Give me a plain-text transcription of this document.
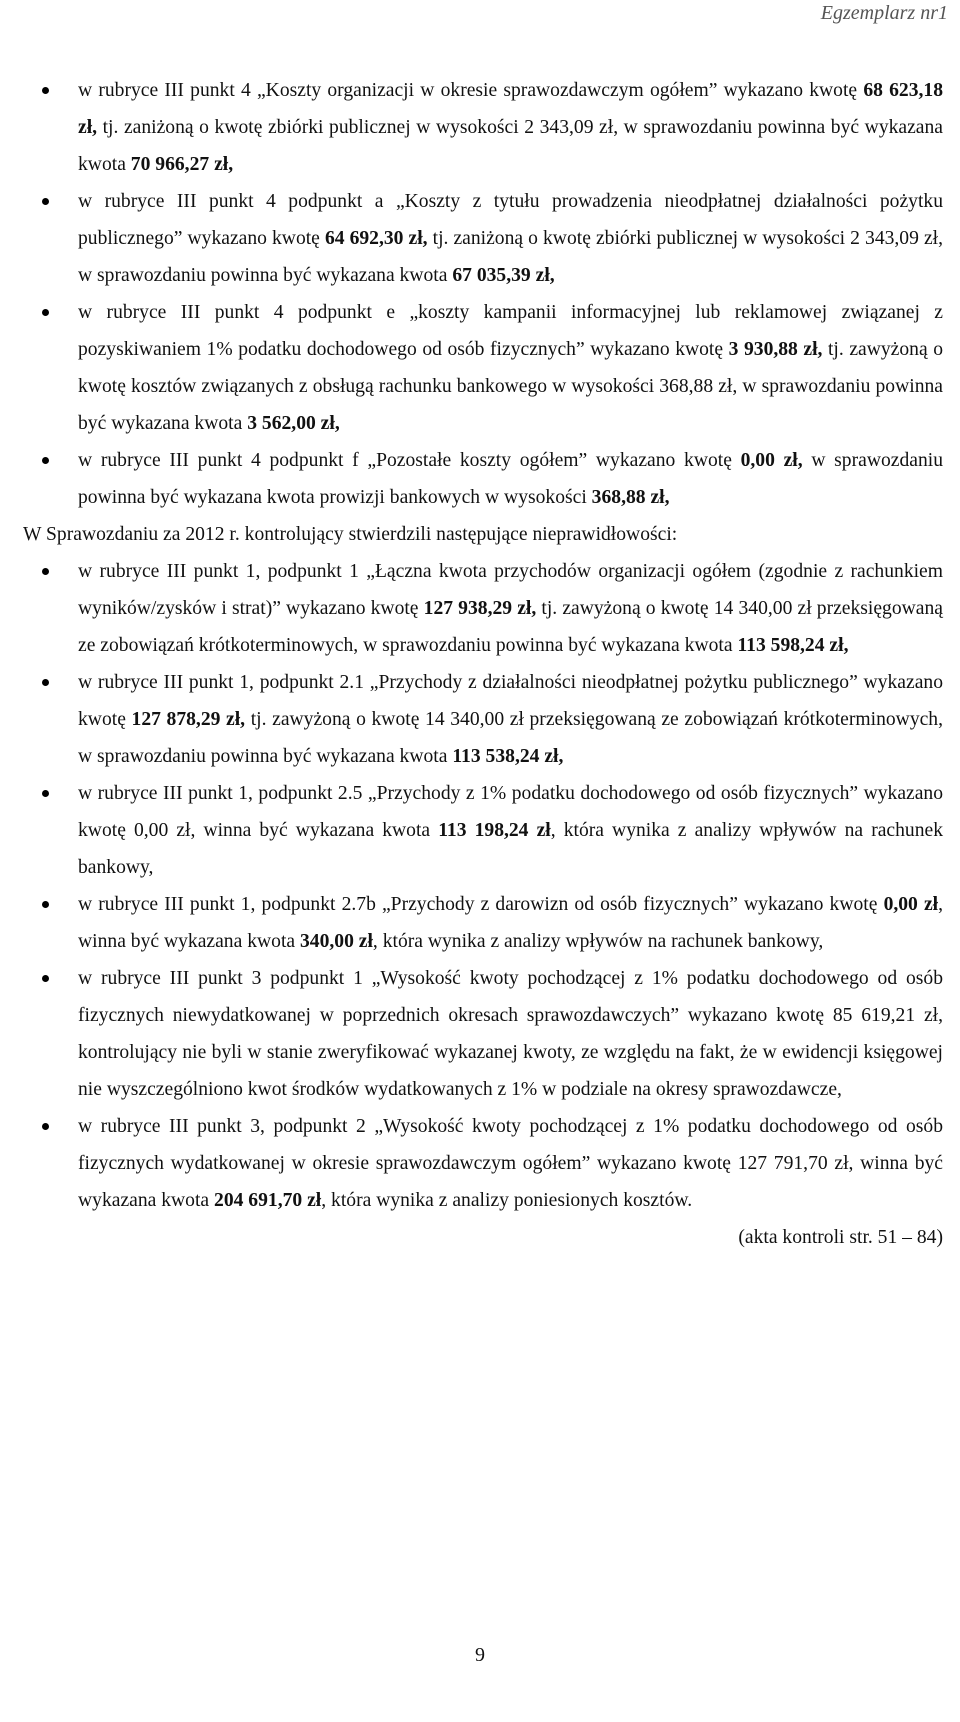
Egzemplarz nr1
w rubryce III punkt 4 „Koszty organizacji w okresie sprawozdawczym ogółem” wykazano kwotę 68 623,18 zł, tj. zaniżoną o kwotę zbiórki publicznej w wysokości 2 343,09 zł, w sprawozdaniu powinna być wykazana kwota 70 966,27 zł,
w rubryce III punkt 4 podpunkt a „Koszty z tytułu prowadzenia nieodpłatnej działalności pożytku publicznego” wykazano kwotę 64 692,30 zł, tj. zaniżoną o kwotę zbiórki publicznej w wysokości 2 343,09 zł, w sprawozdaniu powinna być wykazana kwota 67 035,39 zł,
w rubryce III punkt 4 podpunkt e „koszty kampanii informacyjnej lub reklamowej związanej z pozyskiwaniem 1% podatku dochodowego od osób fizycznych” wykazano kwotę 3 930,88 zł, tj. zawyżoną o kwotę kosztów związanych z obsługą rachunku bankowego w wysokości 368,88 zł, w sprawozdaniu powinna być wykazana kwota 3 562,00 zł,
w rubryce III punkt 4 podpunkt f „Pozostałe koszty ogółem” wykazano kwotę 0,00 zł, w sprawozdaniu powinna być wykazana kwota prowizji bankowych w wysokości 368,88 zł,

W Sprawozdaniu za 2012 r. kontrolujący stwierdzili następujące nieprawidłowości:

w rubryce III punkt 1, podpunkt 1 „Łączna kwota przychodów organizacji ogółem (zgodnie z rachunkiem wyników/zysków i strat)” wykazano kwotę 127 938,29 zł, tj. zawyżoną o kwotę 14 340,00 zł przeksięgowaną ze zobowiązań krótkoterminowych, w sprawozdaniu powinna być wykazana kwota 113 598,24 zł,
w rubryce III punkt 1, podpunkt 2.1 „Przychody z działalności nieodpłatnej pożytku publicznego” wykazano kwotę 127 878,29 zł, tj. zawyżoną o kwotę 14 340,00 zł przeksięgowaną ze zobowiązań krótkoterminowych, w sprawozdaniu powinna być wykazana kwota 113 538,24 zł,
w rubryce III punkt 1, podpunkt 2.5 „Przychody z 1% podatku dochodowego od osób fizycznych” wykazano kwotę 0,00 zł, winna być wykazana kwota 113 198,24 zł, która wynika z analizy wpływów na rachunek bankowy,
w rubryce III punkt 1, podpunkt 2.7b „Przychody z darowizn od osób fizycznych” wykazano kwotę 0,00 zł, winna być wykazana kwota 340,00 zł, która wynika z analizy wpływów na rachunek bankowy,
w rubryce III punkt 3 podpunkt 1 „Wysokość kwoty pochodzącej z 1% podatku dochodowego od osób fizycznych niewydatkowanej w poprzednich okresach sprawozdawczych” wykazano kwotę 85 619,21 zł, kontrolujący nie byli w stanie zweryfikować wykazanej kwoty, ze względu na fakt, że w ewidencji księgowej nie wyszczególniono kwot środków wydatkowanych z 1% w podziale na okresy sprawozdawcze,
w rubryce III punkt 3, podpunkt 2 „Wysokość kwoty pochodzącej z 1% podatku dochodowego od osób fizycznych wydatkowanej w okresie sprawozdawczym ogółem” wykazano kwotę 127 791,70 zł, winna być wykazana kwota 204 691,70 zł, która wynika z analizy poniesionych kosztów.
(akta kontroli str. 51 – 84)
9
